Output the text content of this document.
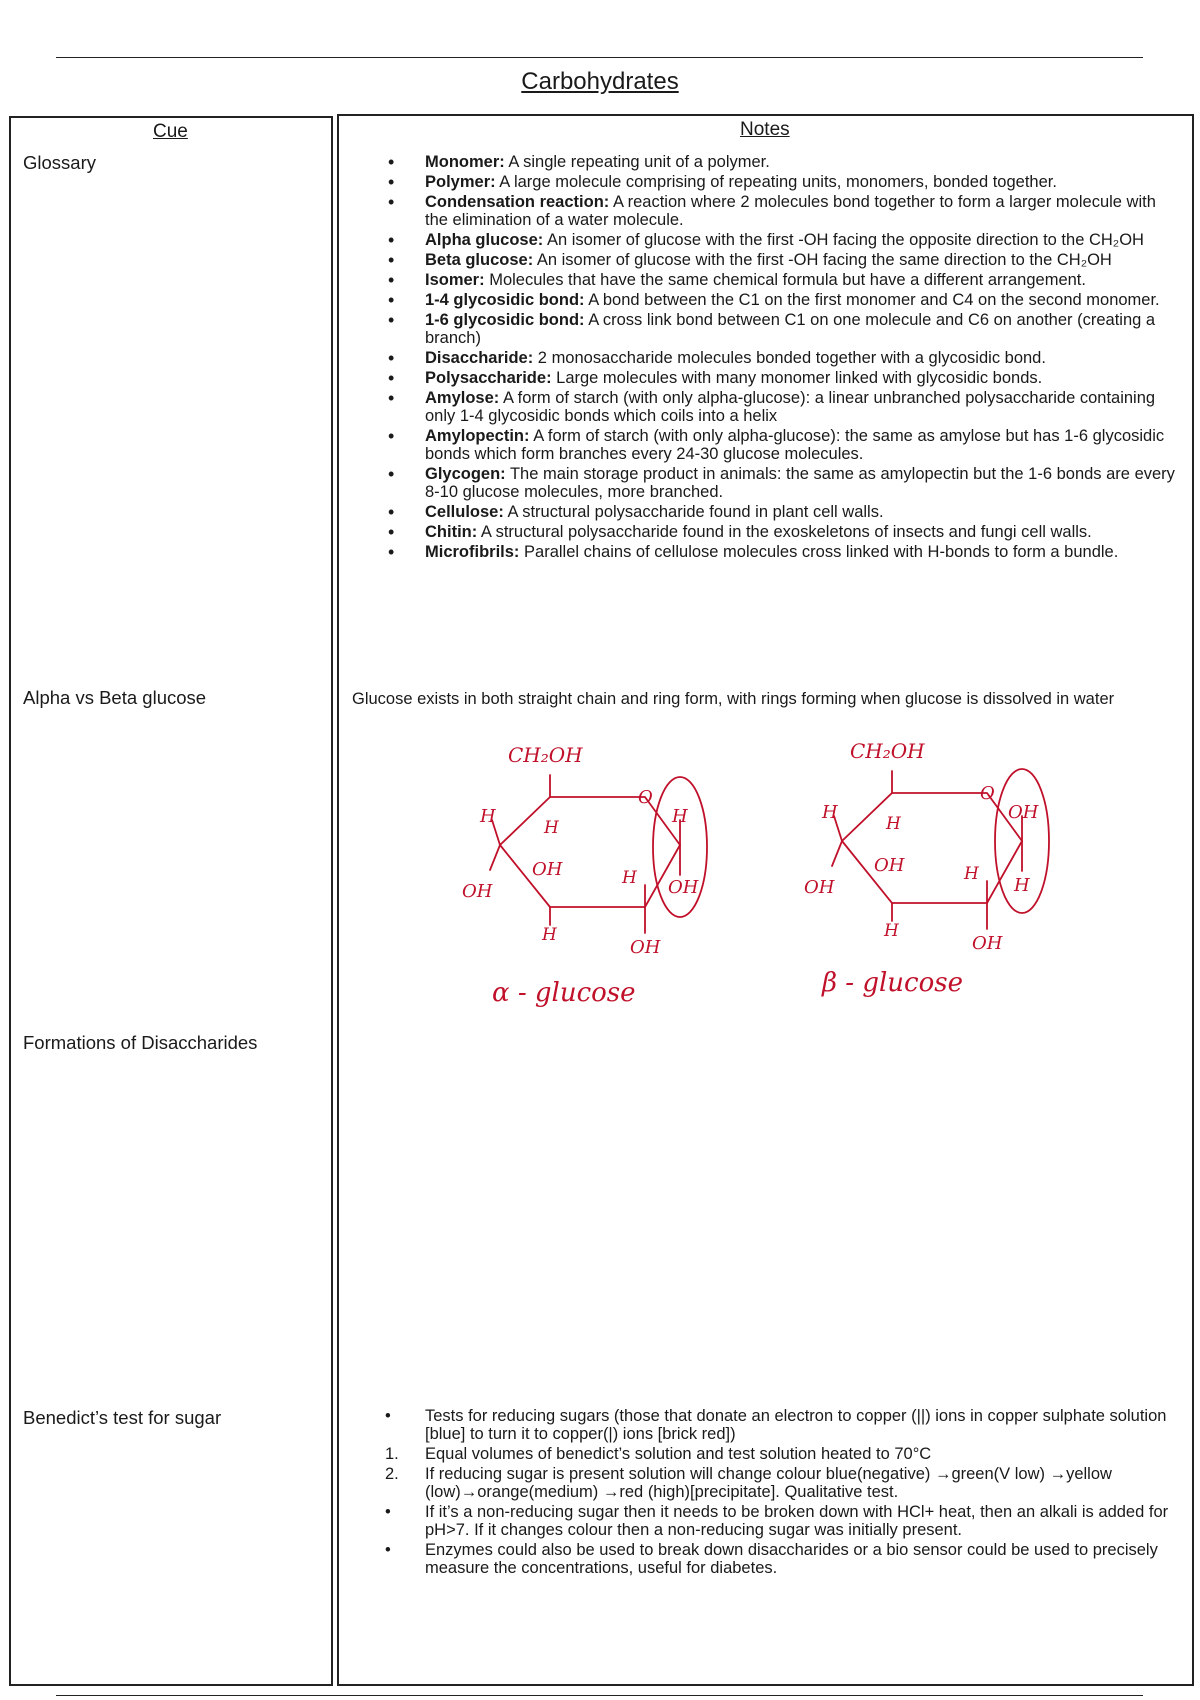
Carbohydrates
Cue	Notes
Glossary
Alpha vs Beta glucose
Formations of Disaccharides
Benedict’s test for sugar
• Monomer: A single repeating unit of a polymer.
• Polymer: A large molecule comprising of repeating units, monomers, bonded together.
• Condensation reaction: A reaction where 2 molecules bond together to form a larger molecule with the elimination of a water molecule.
• Alpha glucose: An isomer of glucose with the first -OH facing the opposite direction to the CH₂OH
• Beta glucose: An isomer of glucose with the first -OH facing the same direction to the CH₂OH
• Isomer: Molecules that have the same chemical formula but have a different arrangement.
• 1-4 glycosidic bond: A bond between the C1 on the first monomer and C4 on the second monomer.
• 1-6 glycosidic bond: A cross link bond between C1 on one molecule and C6 on another (creating a branch)
• Disaccharide: 2 monosaccharide molecules bonded together with a glycosidic bond.
• Polysaccharide: Large molecules with many monomer linked with glycosidic bonds.
• Amylose: A form of starch (with only alpha-glucose): a linear unbranched polysaccharide containing only 1-4 glycosidic bonds which coils into a helix
• Amylopectin: A form of starch (with only alpha-glucose): the same as amylose but has 1-6 glycosidic bonds which form branches every 24-30 glucose molecules.
• Glycogen: The main storage product in animals: the same as amylopectin but the 1-6 bonds are every 8-10 glucose molecules, more branched.
• Cellulose: A structural polysaccharide found in plant cell walls.
• Chitin: A structural polysaccharide found in the exoskeletons of insects and fungi cell walls.
• Microfibrils: Parallel chains of cellulose molecules cross linked with H-bonds to form a bundle.
Glucose exists in both straight chain and ring form, with rings forming when glucose is dissolved in water
CH₂OH
O
H
H
H
OH
OH
H OH
H
OH
α - glucose
CH₂OH
O
H
H
OH
OH
OH
H
H
H
OH
β - glucose
• Tests for reducing sugars (those that donate an electron to copper (||) ions in copper sulphate solution [blue] to turn it to copper(|) ions [brick red])
1. Equal volumes of benedict’s solution and test solution heated to 70°C
2. If reducing sugar is present solution will change colour blue(negative) →green(V low) →yellow (low)→orange(medium) →red (high)[precipitate]. Qualitative test.
• If it’s a non-reducing sugar then it needs to be broken down with HCl+ heat, then an alkali is added for pH>7. If it changes colour then a non-reducing sugar was initially present.
• Enzymes could also be used to break down disaccharides or a bio sensor could be used to precisely measure the concentrations, useful for diabetes.
